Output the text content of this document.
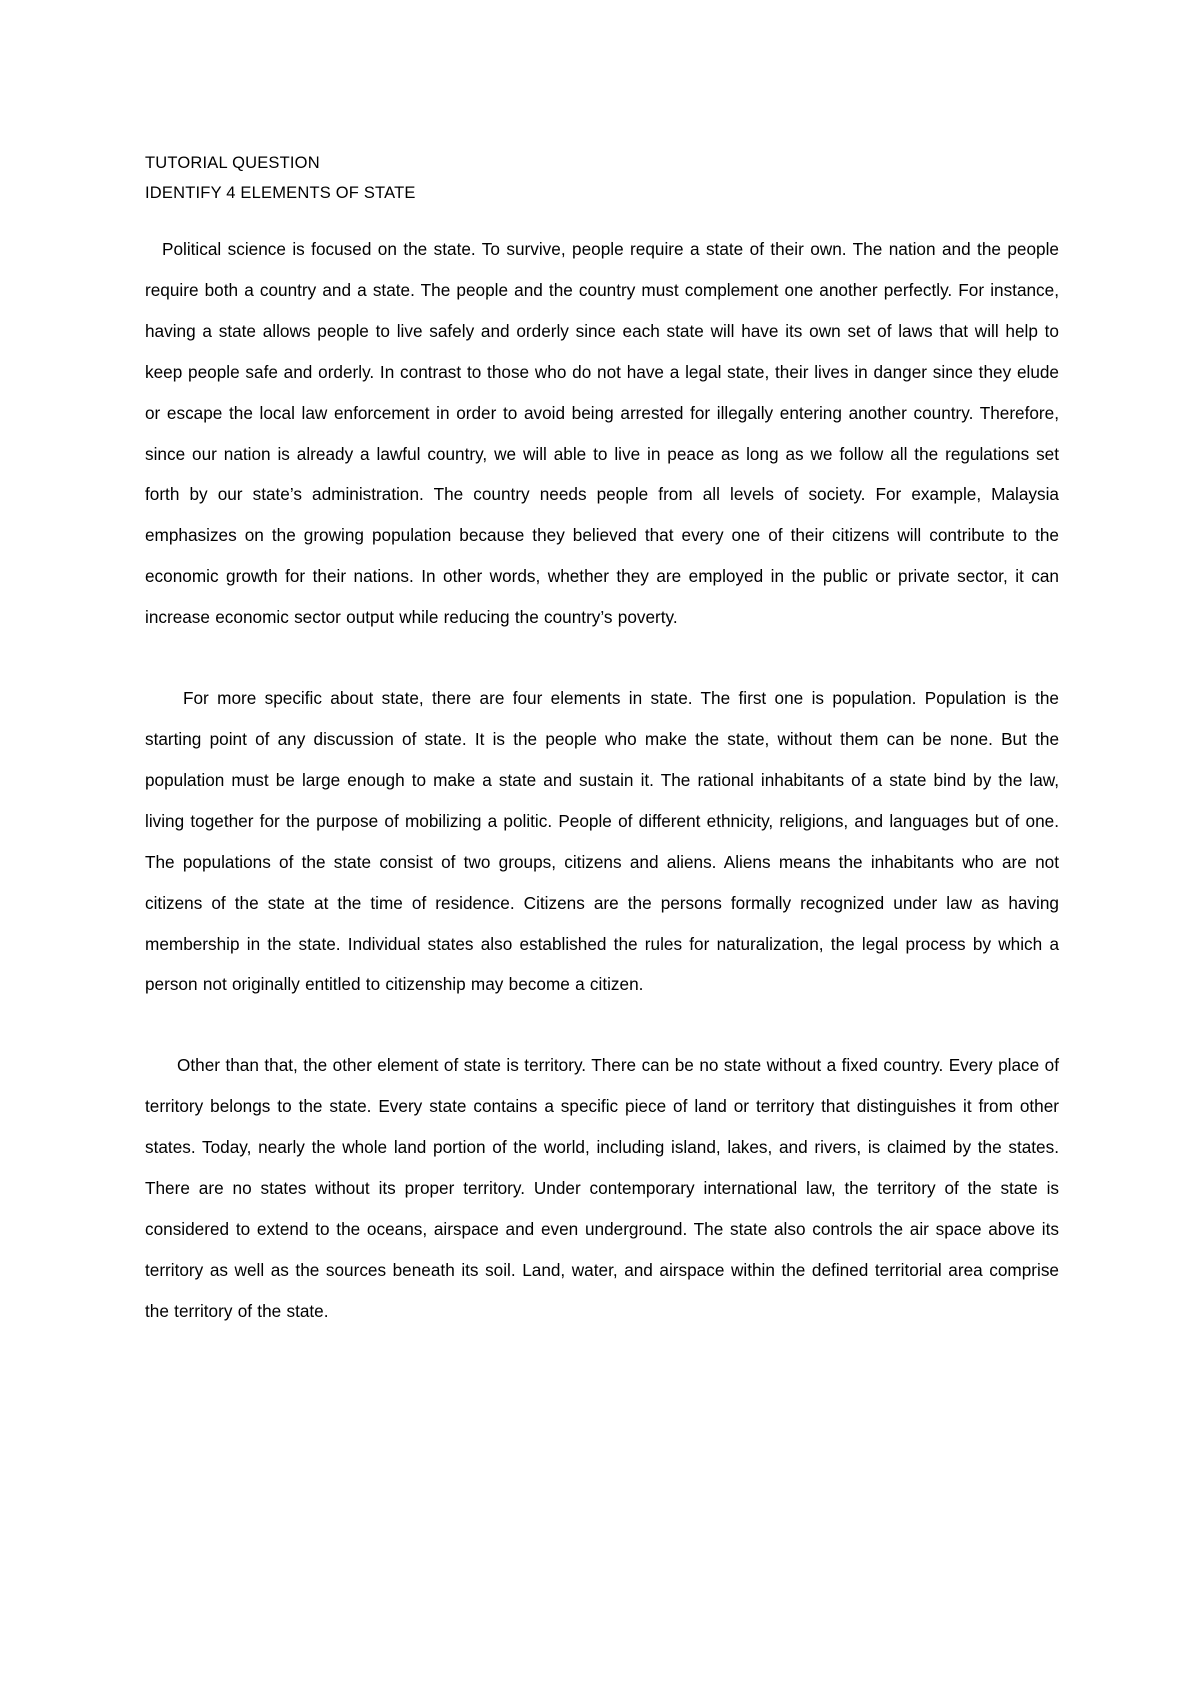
TUTORIAL QUESTION

IDENTIFY 4 ELEMENTS OF STATE

Political science is focused on the state. To survive, people require a state of their own. The nation and the people require both a country and a state. The people and the country must complement one another perfectly. For instance, having a state allows people to live safely and orderly since each state will have its own set of laws that will help to keep people safe and orderly. In contrast to those who do not have a legal state, their lives in danger since they elude or escape the local law enforcement in order to avoid being arrested for illegally entering another country. Therefore, since our nation is already a lawful country, we will able to live in peace as long as we follow all the regulations set forth by our state’s administration. The country needs people from all levels of society. For example, Malaysia emphasizes on the growing population because they believed that every one of their citizens will contribute to the economic growth for their nations. In other words, whether they are employed in the public or private sector, it can increase economic sector output while reducing the country’s poverty.

For more specific about state, there are four elements in state. The first one is population. Population is the starting point of any discussion of state. It is the people who make the state, without them can be none. But the population must be large enough to make a state and sustain it. The rational inhabitants of a state bind by the law, living together for the purpose of mobilizing a politic. People of different ethnicity, religions, and languages but of one. The populations of the state consist of two groups, citizens and aliens. Aliens means the inhabitants who are not citizens of the state at the time of residence. Citizens are the persons formally recognized under law as having membership in the state. Individual states also established the rules for naturalization, the legal process by which a person not originally entitled to citizenship may become a citizen.

Other than that, the other element of state is territory. There can be no state without a fixed country. Every place of territory belongs to the state. Every state contains a specific piece of land or territory that distinguishes it from other states. Today, nearly the whole land portion of the world, including island, lakes, and rivers, is claimed by the states. There are no states without its proper territory. Under contemporary international law, the territory of the state is considered to extend to the oceans, airspace and even underground. The state also controls the air space above its territory as well as the sources beneath its soil. Land, water, and airspace within the defined territorial area comprise the territory of the state.
